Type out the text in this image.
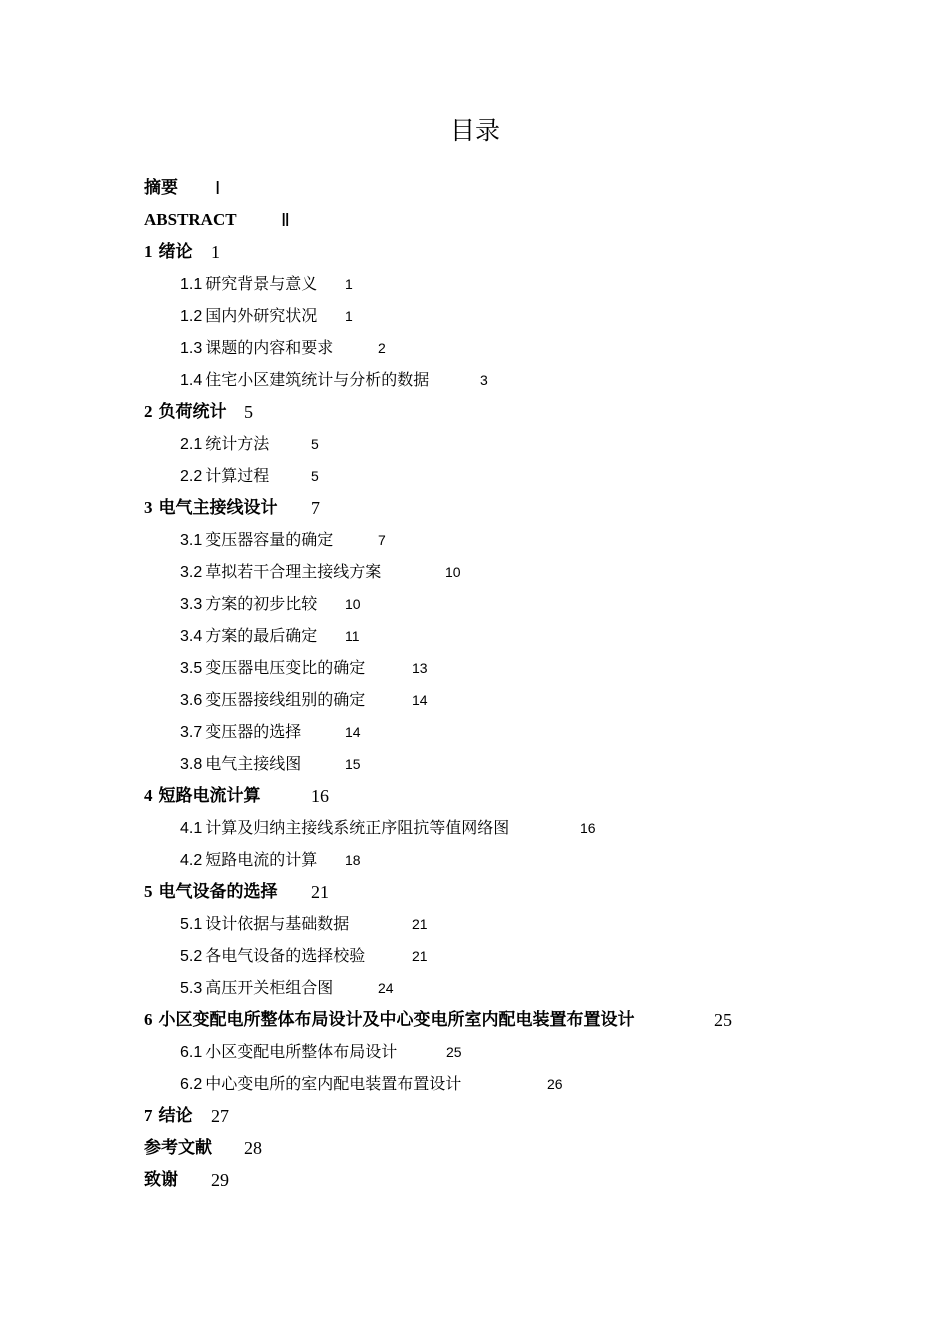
目录
摘要 Ⅰ
ABSTRACT Ⅱ
1 绪论 1
1.1 研究背景与意义 1
1.2 国内外研究状况 1
1.3 课题的内容和要求	2
1.4 住宅小区建筑统计与分析的数据	3
2 负荷统计 5
2.1 统计方法	5
2.2 计算过程	5
3 电气主接线设计 7
3.1 变压器容量的确定	7
3.2 草拟若干合理主接线方案	10
3.3 方案的初步比较 10
3.4 方案的最后确定 11
3.5 变压器电压变比的确定	13
3.6 变压器接线组别的确定	14
3.7 变压器的选择	14
3.8 电气主接线图	15
4 短路电流计算	16
4.1 计算及归纳主接线系统正序阻抗等值网络图	16
4.2 短路电流的计算 18
5 电气设备的选择 21
5.1 设计依据与基础数据	21
5.2 各电气设备的选择校验	21
5.3 高压开关柜组合图	24
6 小区变配电所整体布局设计及中心变电所室内配电装置布置设计	25
6.1 小区变配电所整体布局设计	25
6.2 中心变电所的室内配电装置布置设计	26
7 结论 27
参考文献 28
致谢 29
